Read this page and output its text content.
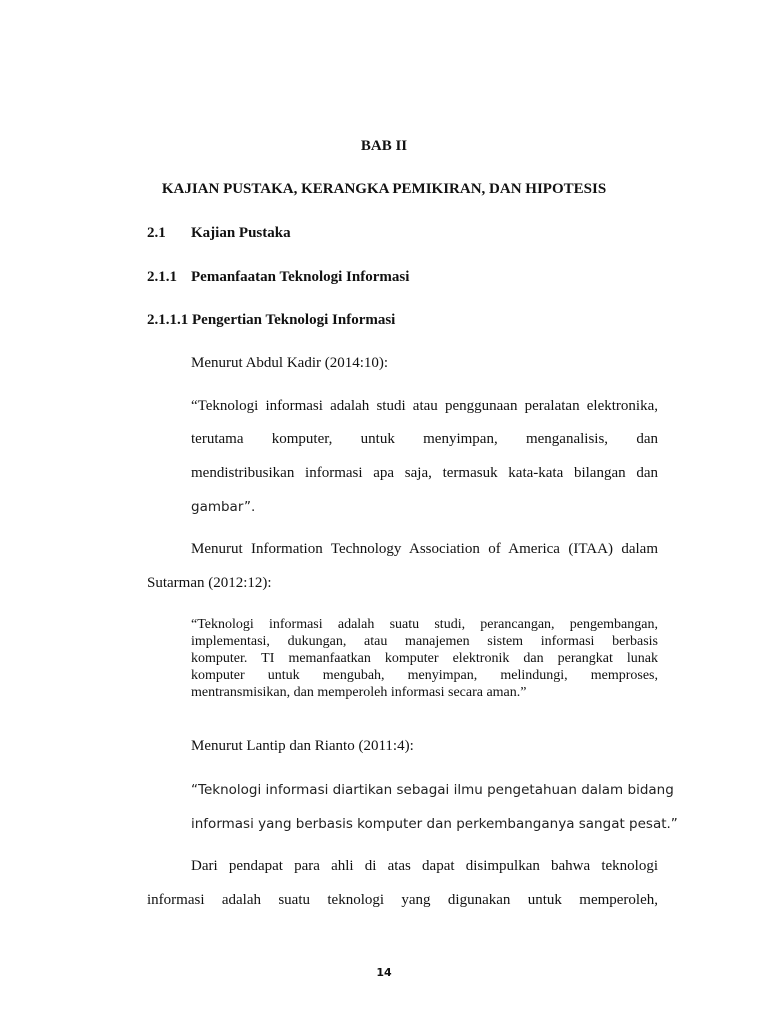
BAB II
KAJIAN PUSTAKA, KERANGKA PEMIKIRAN, DAN HIPOTESIS
2.1 Kajian Pustaka
2.1.1 Pemanfaatan Teknologi Informasi
2.1.1.1 Pengertian Teknologi Informasi
Menurut Abdul Kadir (2014:10):
“Teknologi informasi adalah studi atau penggunaan peralatan elektronika,
terutama komputer, untuk menyimpan, menganalisis, dan
mendistribusikan informasi apa saja, termasuk kata-kata bilangan dan
gambar”.
Menurut Information Technology Association of America (ITAA) dalam
Sutarman (2012:12):
“Teknologi informasi adalah suatu studi, perancangan, pengembangan,
implementasi, dukungan, atau manajemen sistem informasi berbasis
komputer. TI memanfaatkan komputer elektronik dan perangkat lunak
komputer untuk mengubah, menyimpan, melindungi, memproses,
mentransmisikan, dan memperoleh informasi secara aman.”
Menurut Lantip dan Rianto (2011:4):
“Teknologi informasi diartikan sebagai ilmu pengetahuan dalam bidang
informasi yang berbasis komputer dan perkembanganya sangat pesat.”
Dari pendapat para ahli di atas dapat disimpulkan bahwa teknologi
informasi adalah suatu teknologi yang digunakan untuk memperoleh,
14
